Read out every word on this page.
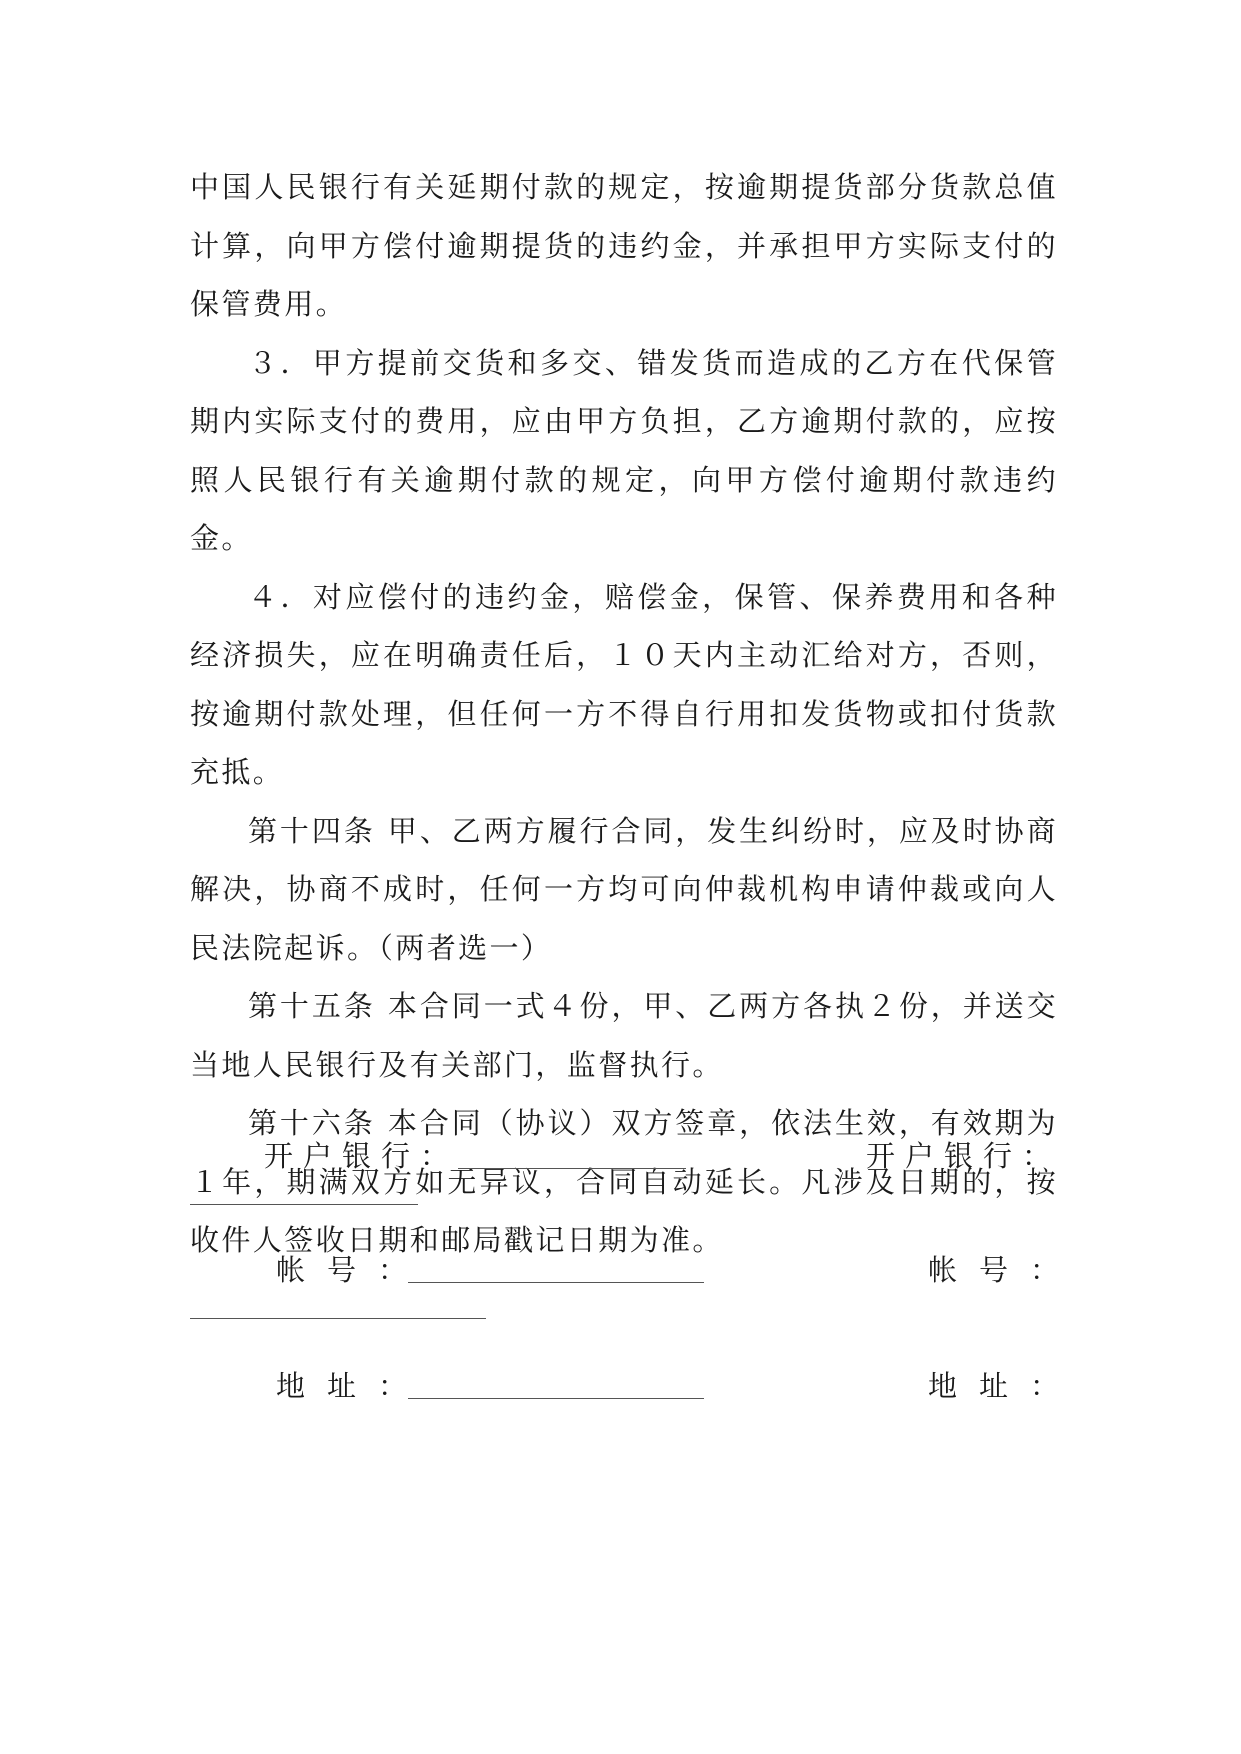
中国人民银行有关延期付款的规定，按逾期提货部分货款总值计算，向甲方偿付逾期提货的违约金，并承担甲方实际支付的保管费用。

３．甲方提前交货和多交、错发货而造成的乙方在代保管期内实际支付的费用，应由甲方负担，乙方逾期付款的，应按照人民银行有关逾期付款的规定，向甲方偿付逾期付款违约金。

４．对应偿付的违约金，赔偿金，保管、保养费用和各种经济损失，应在明确责任后，１０天内主动汇给对方，否则，按逾期付款处理，但任何一方不得自行用扣发货物或扣付货款充抵。

第十四条 甲、乙两方履行合同，发生纠纷时，应及时协商解决，协商不成时，任何一方均可向仲裁机构申请仲裁或向人民法院起诉。（两者选一）

第十五条 本合同一式４份，甲、乙两方各执２份，并送交当地人民银行及有关部门，监督执行。

第十六条 本合同（协议）双方签章，依法生效，有效期为１年，期满双方如无异议，合同自动延长。凡涉及日期的，按收件人签收日期和邮局戳记日期为准。

开户银行：	开户银行：
帐号：	帐号：
地址：	地址：
